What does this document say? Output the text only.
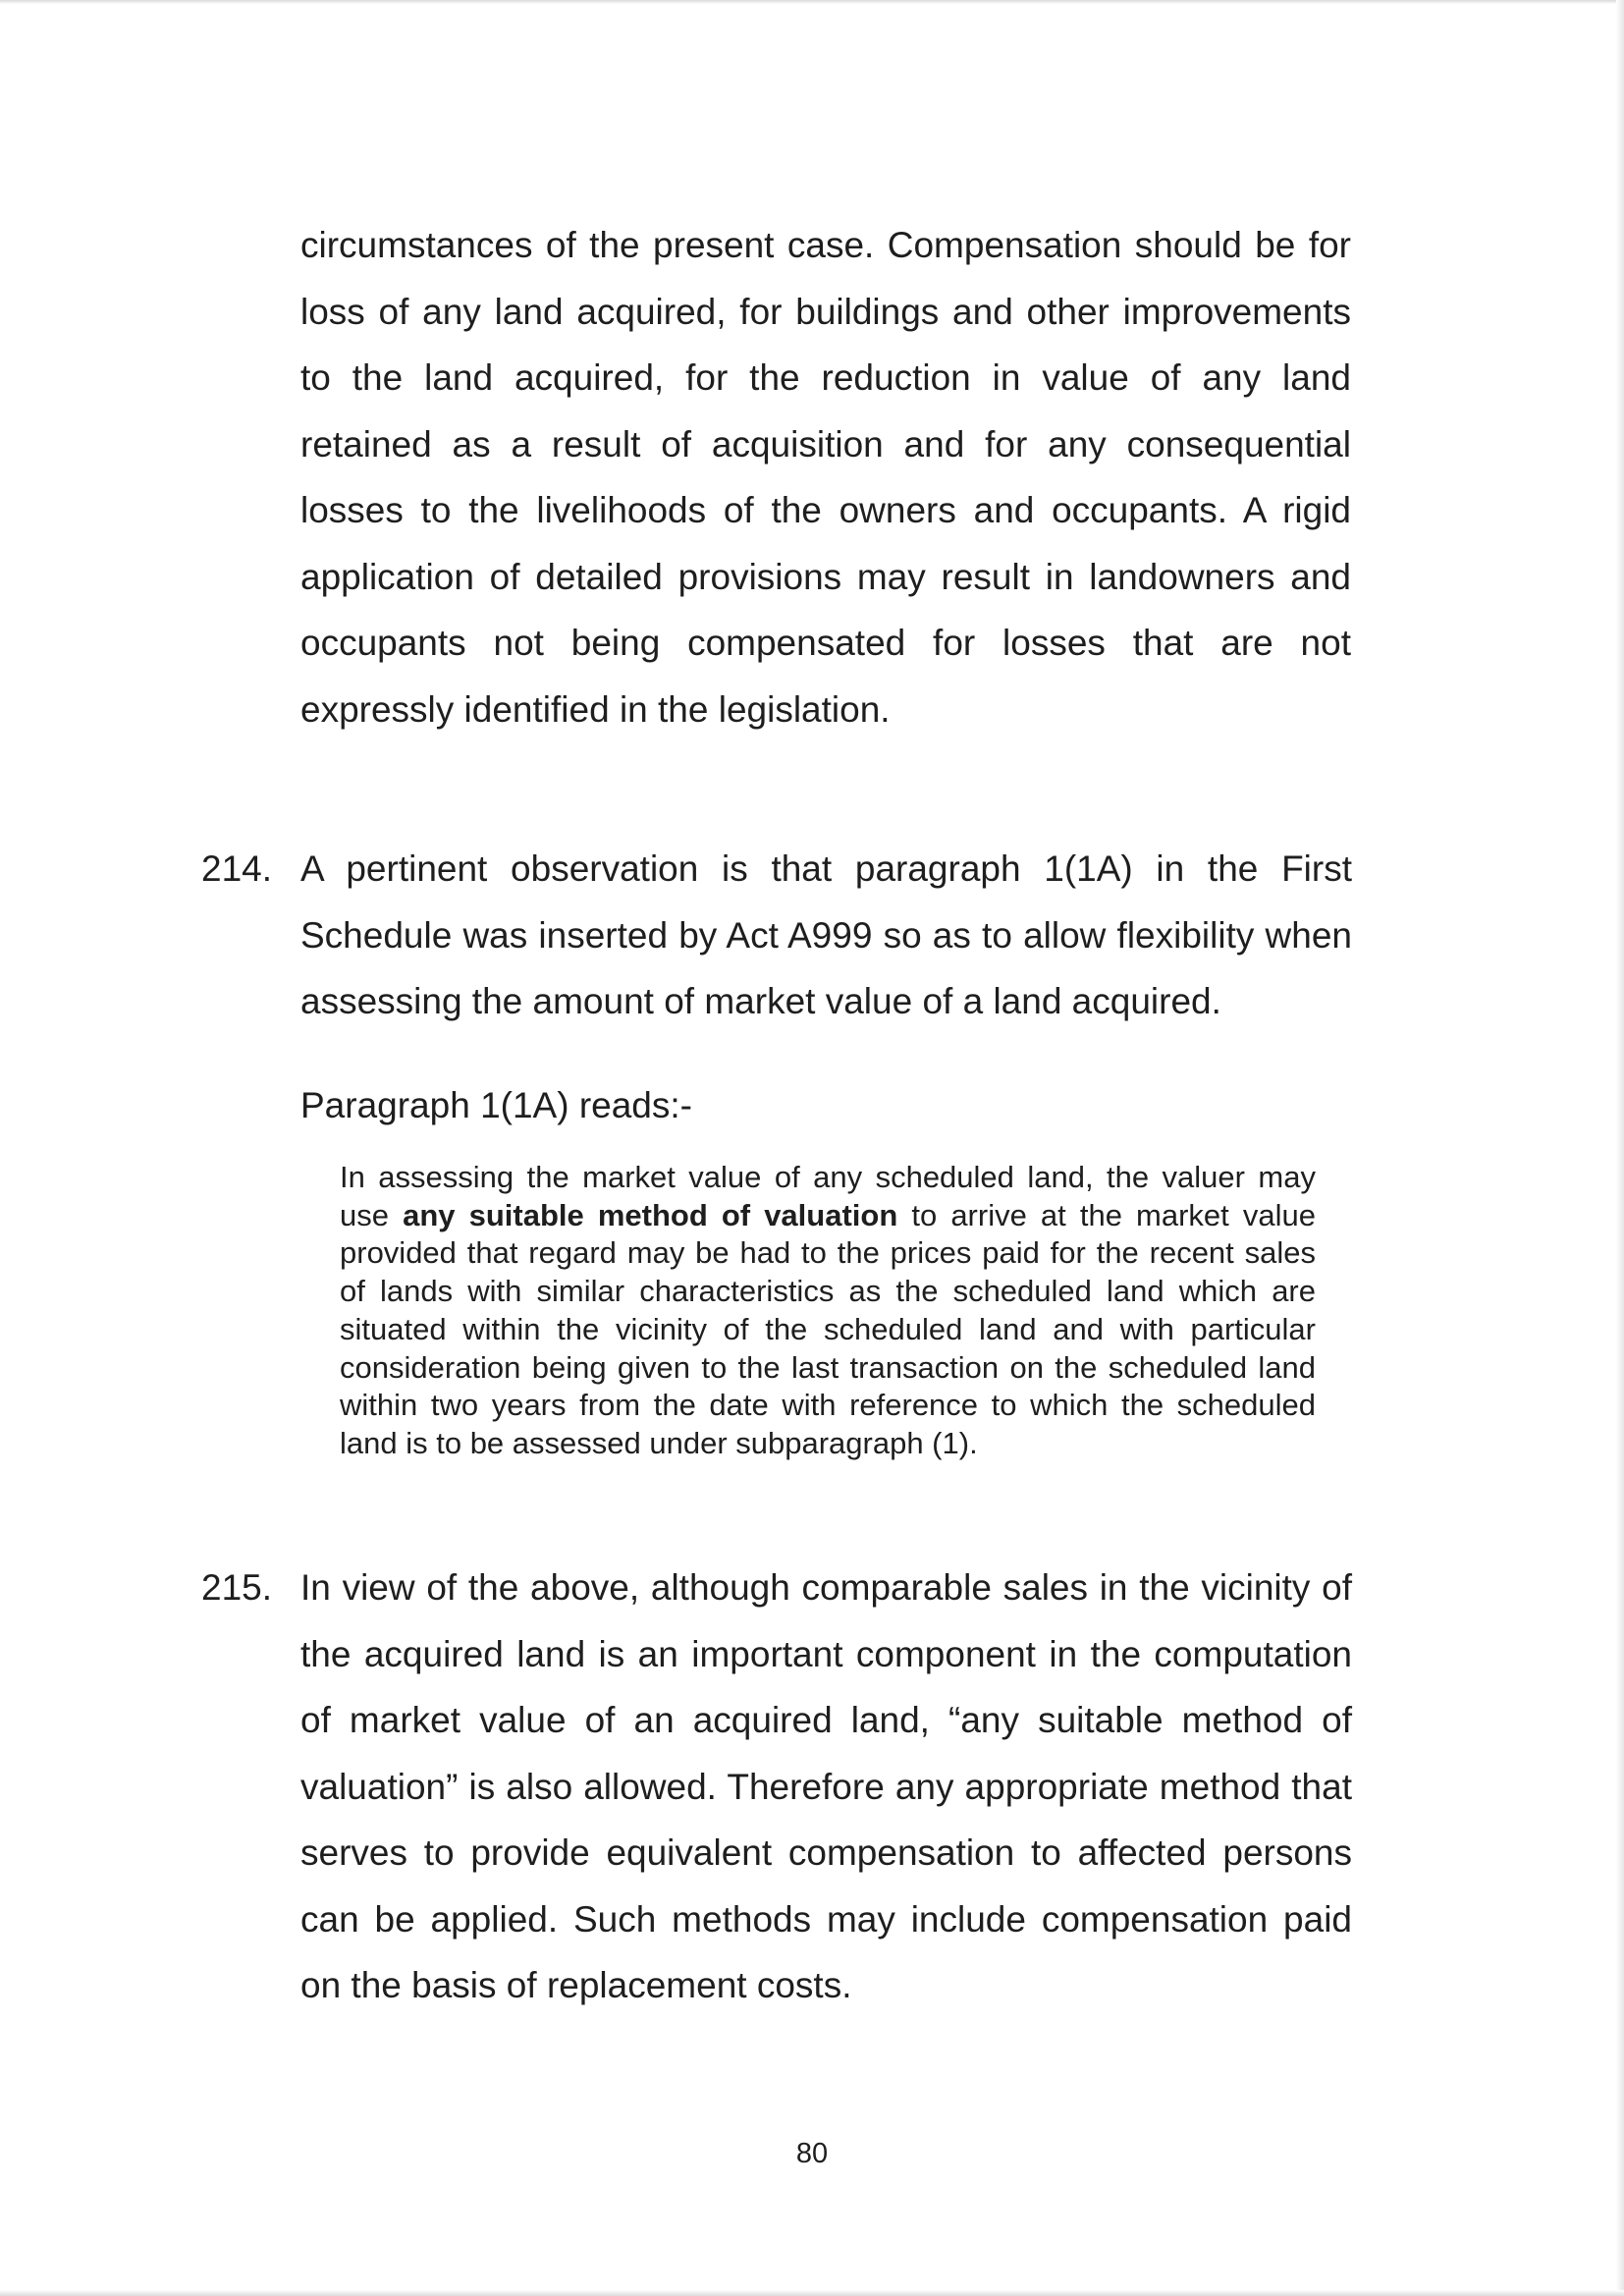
circumstances of the present case. Compensation should be for loss of any land acquired, for buildings and other improvements to the land acquired, for the reduction in value of any land retained as a result of acquisition and for any consequential losses to the livelihoods of the owners and occupants. A rigid application of detailed provisions may result in landowners and occupants not being compensated for losses that are not expressly identified in the legislation.

214. A pertinent observation is that paragraph 1(1A) in the First Schedule was inserted by Act A999 so as to allow flexibility when assessing the amount of market value of a land acquired.

Paragraph 1(1A) reads:-

In assessing the market value of any scheduled land, the valuer may use any suitable method of valuation to arrive at the market value provided that regard may be had to the prices paid for the recent sales of lands with similar characteristics as the scheduled land which are situated within the vicinity of the scheduled land and with particular consideration being given to the last transaction on the scheduled land within two years from the date with reference to which the scheduled land is to be assessed under subparagraph (1).

215. In view of the above, although comparable sales in the vicinity of the acquired land is an important component in the computation of market value of an acquired land, “any suitable method of valuation” is also allowed. Therefore any appropriate method that serves to provide equivalent compensation to affected persons can be applied. Such methods may include compensation paid on the basis of replacement costs.

80
